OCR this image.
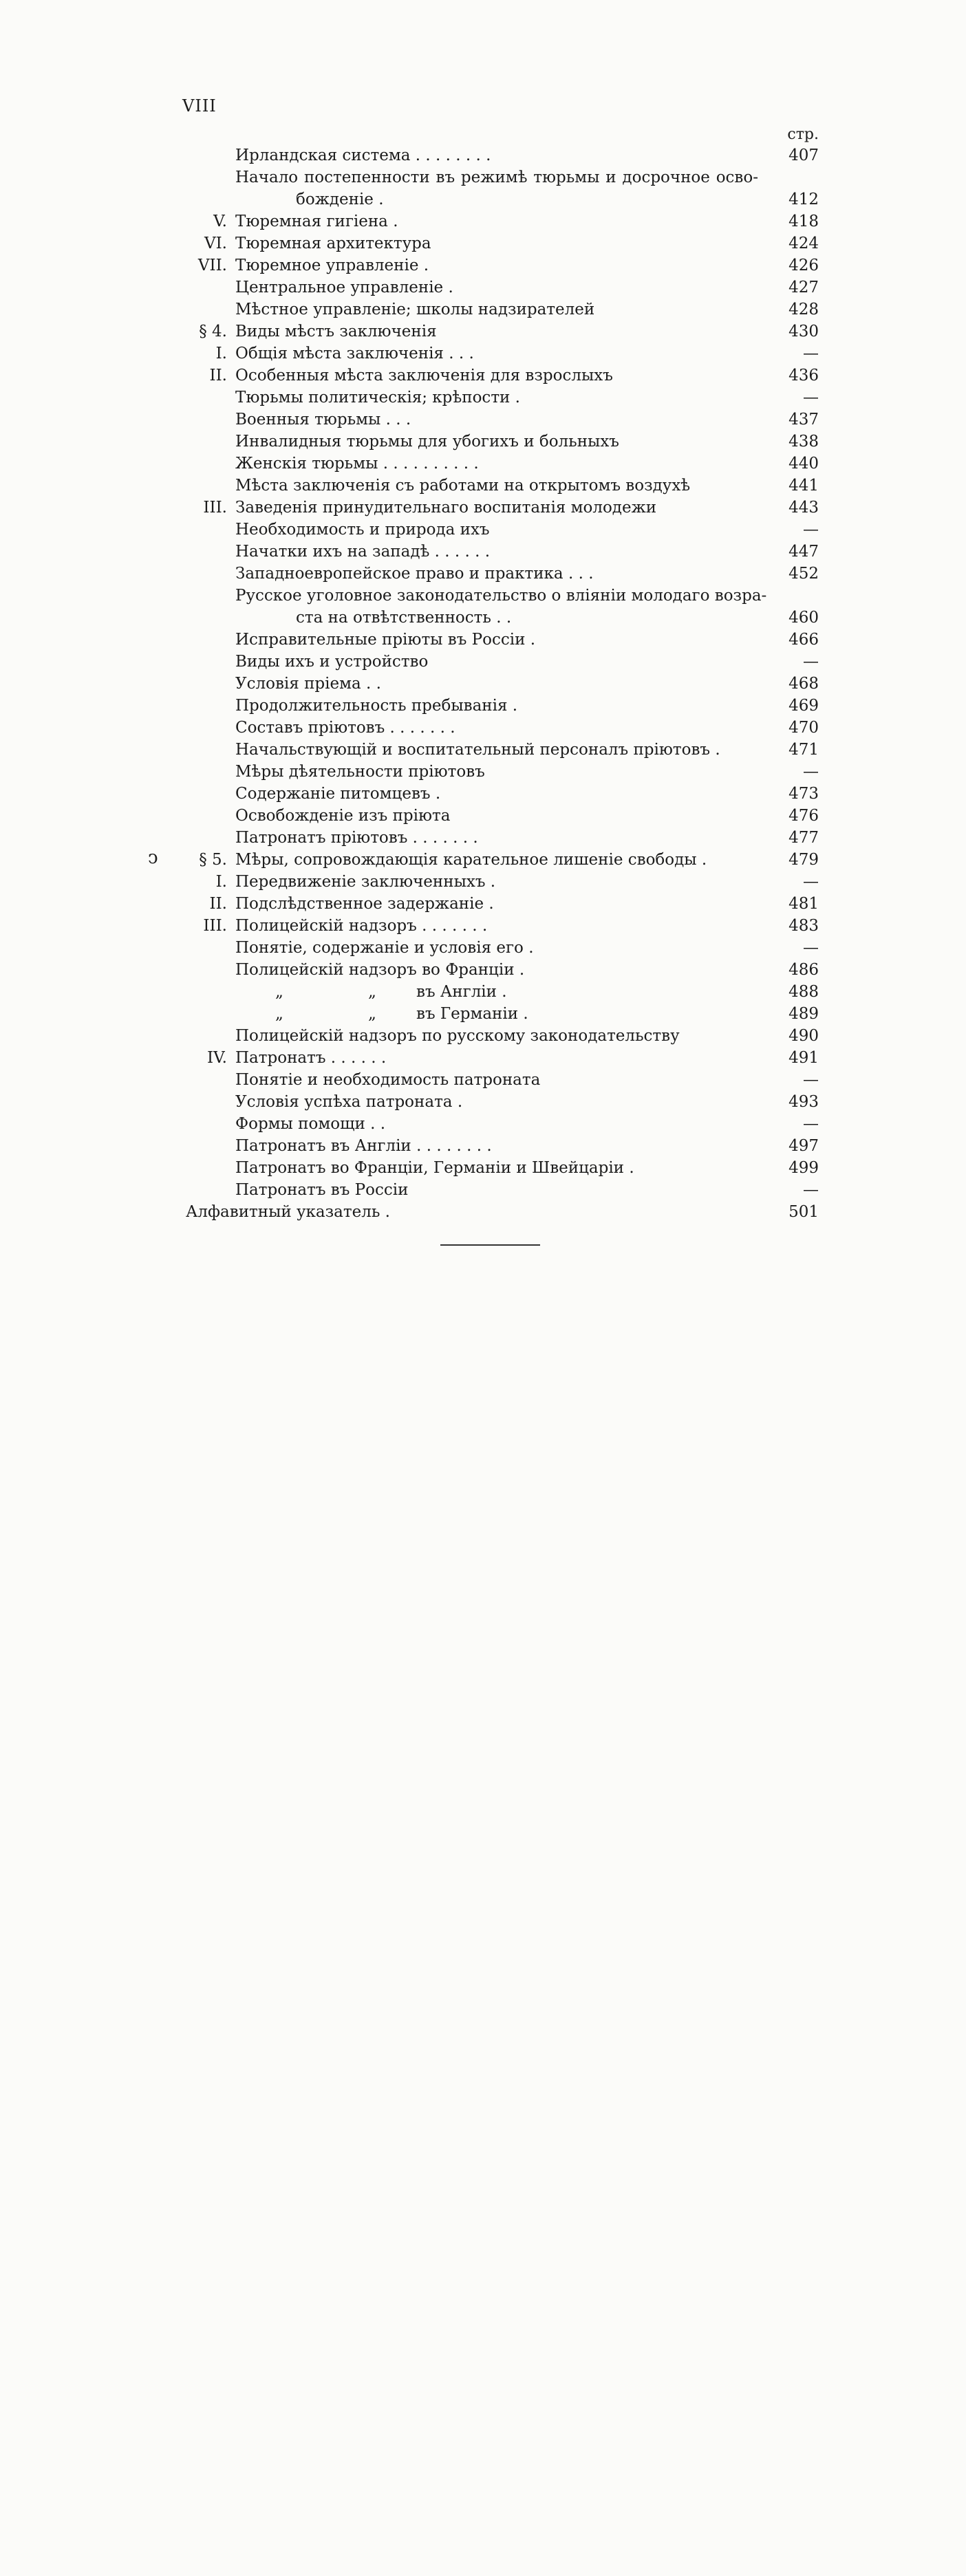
VIII
стр.
ↄ
Ирландская система . . . . . . . .	407
Начало постепенности въ режимѣ тюрьмы и досрочное осво-
божденіе .	412
V. Тюремная гигіена .	418
VI. Тюремная архитектура	424
VII. Тюремное управленіе .	426
Центральное управленіе .	427
Мѣстное управленіе; школы надзирателей	428
§ 4. Виды мѣстъ заключенія	430
I. Общія мѣста заключенія . . .	—
II. Особенныя мѣста заключенія для взрослыхъ	436
Тюрьмы политическія; крѣпости .	—
Военныя тюрьмы . . .	437
Инвалидныя тюрьмы для убогихъ и больныхъ	438
Женскія тюрьмы . . . . . . . . . .	440
Мѣста заключенія съ работами на открытомъ воздухѣ	441
III. Заведенія принудительнаго воспитанія молодежи	443
Необходимость и природа ихъ	—
Начатки ихъ на западѣ . . . . . .	447
Западноевропейское право и практика . . .	452
Русское уголовное законодательство о вліяніи молодаго возра-
ста на отвѣтственность . .	460
Исправительные пріюты въ Россіи .	466
Виды ихъ и устройство	—
Условія пріема . .	468
Продолжительность пребыванія .	469
Составъ пріютовъ . . . . . . .	470
Начальствующій и воспитательный персоналъ пріютовъ .	471
Мѣры дѣятельности пріютовъ	—
Содержаніе питомцевъ .	473
Освобожденіе изъ пріюта	476
Патронатъ пріютовъ . . . . . . .	477
§ 5. Мѣры, сопровождающія карательное лишеніе свободы .	479
I. Передвиженіе заключенныхъ .	—
II. Подслѣдственное задержаніе .	481
III. Полицейскій надзоръ . . . . . . .	483
Понятіе, содержаніе и условія его .	—
Полицейскій надзоръ во Франціи .	486
„	„	въ Англіи .	488
„	„	въ Германіи .	489
Полицейскій надзоръ по русскому законодательству	490
IV. Патронатъ . . . . . .	491
Понятіе и необходимость патроната	—
Условія успѣха патроната .	493
Формы помощи . .	—
Патронатъ въ Англіи . . . . . . . .	497
Патронатъ во Франціи, Германіи и Швейцаріи .	499
Патронатъ въ Россіи	—
Алфавитный указатель .	501
